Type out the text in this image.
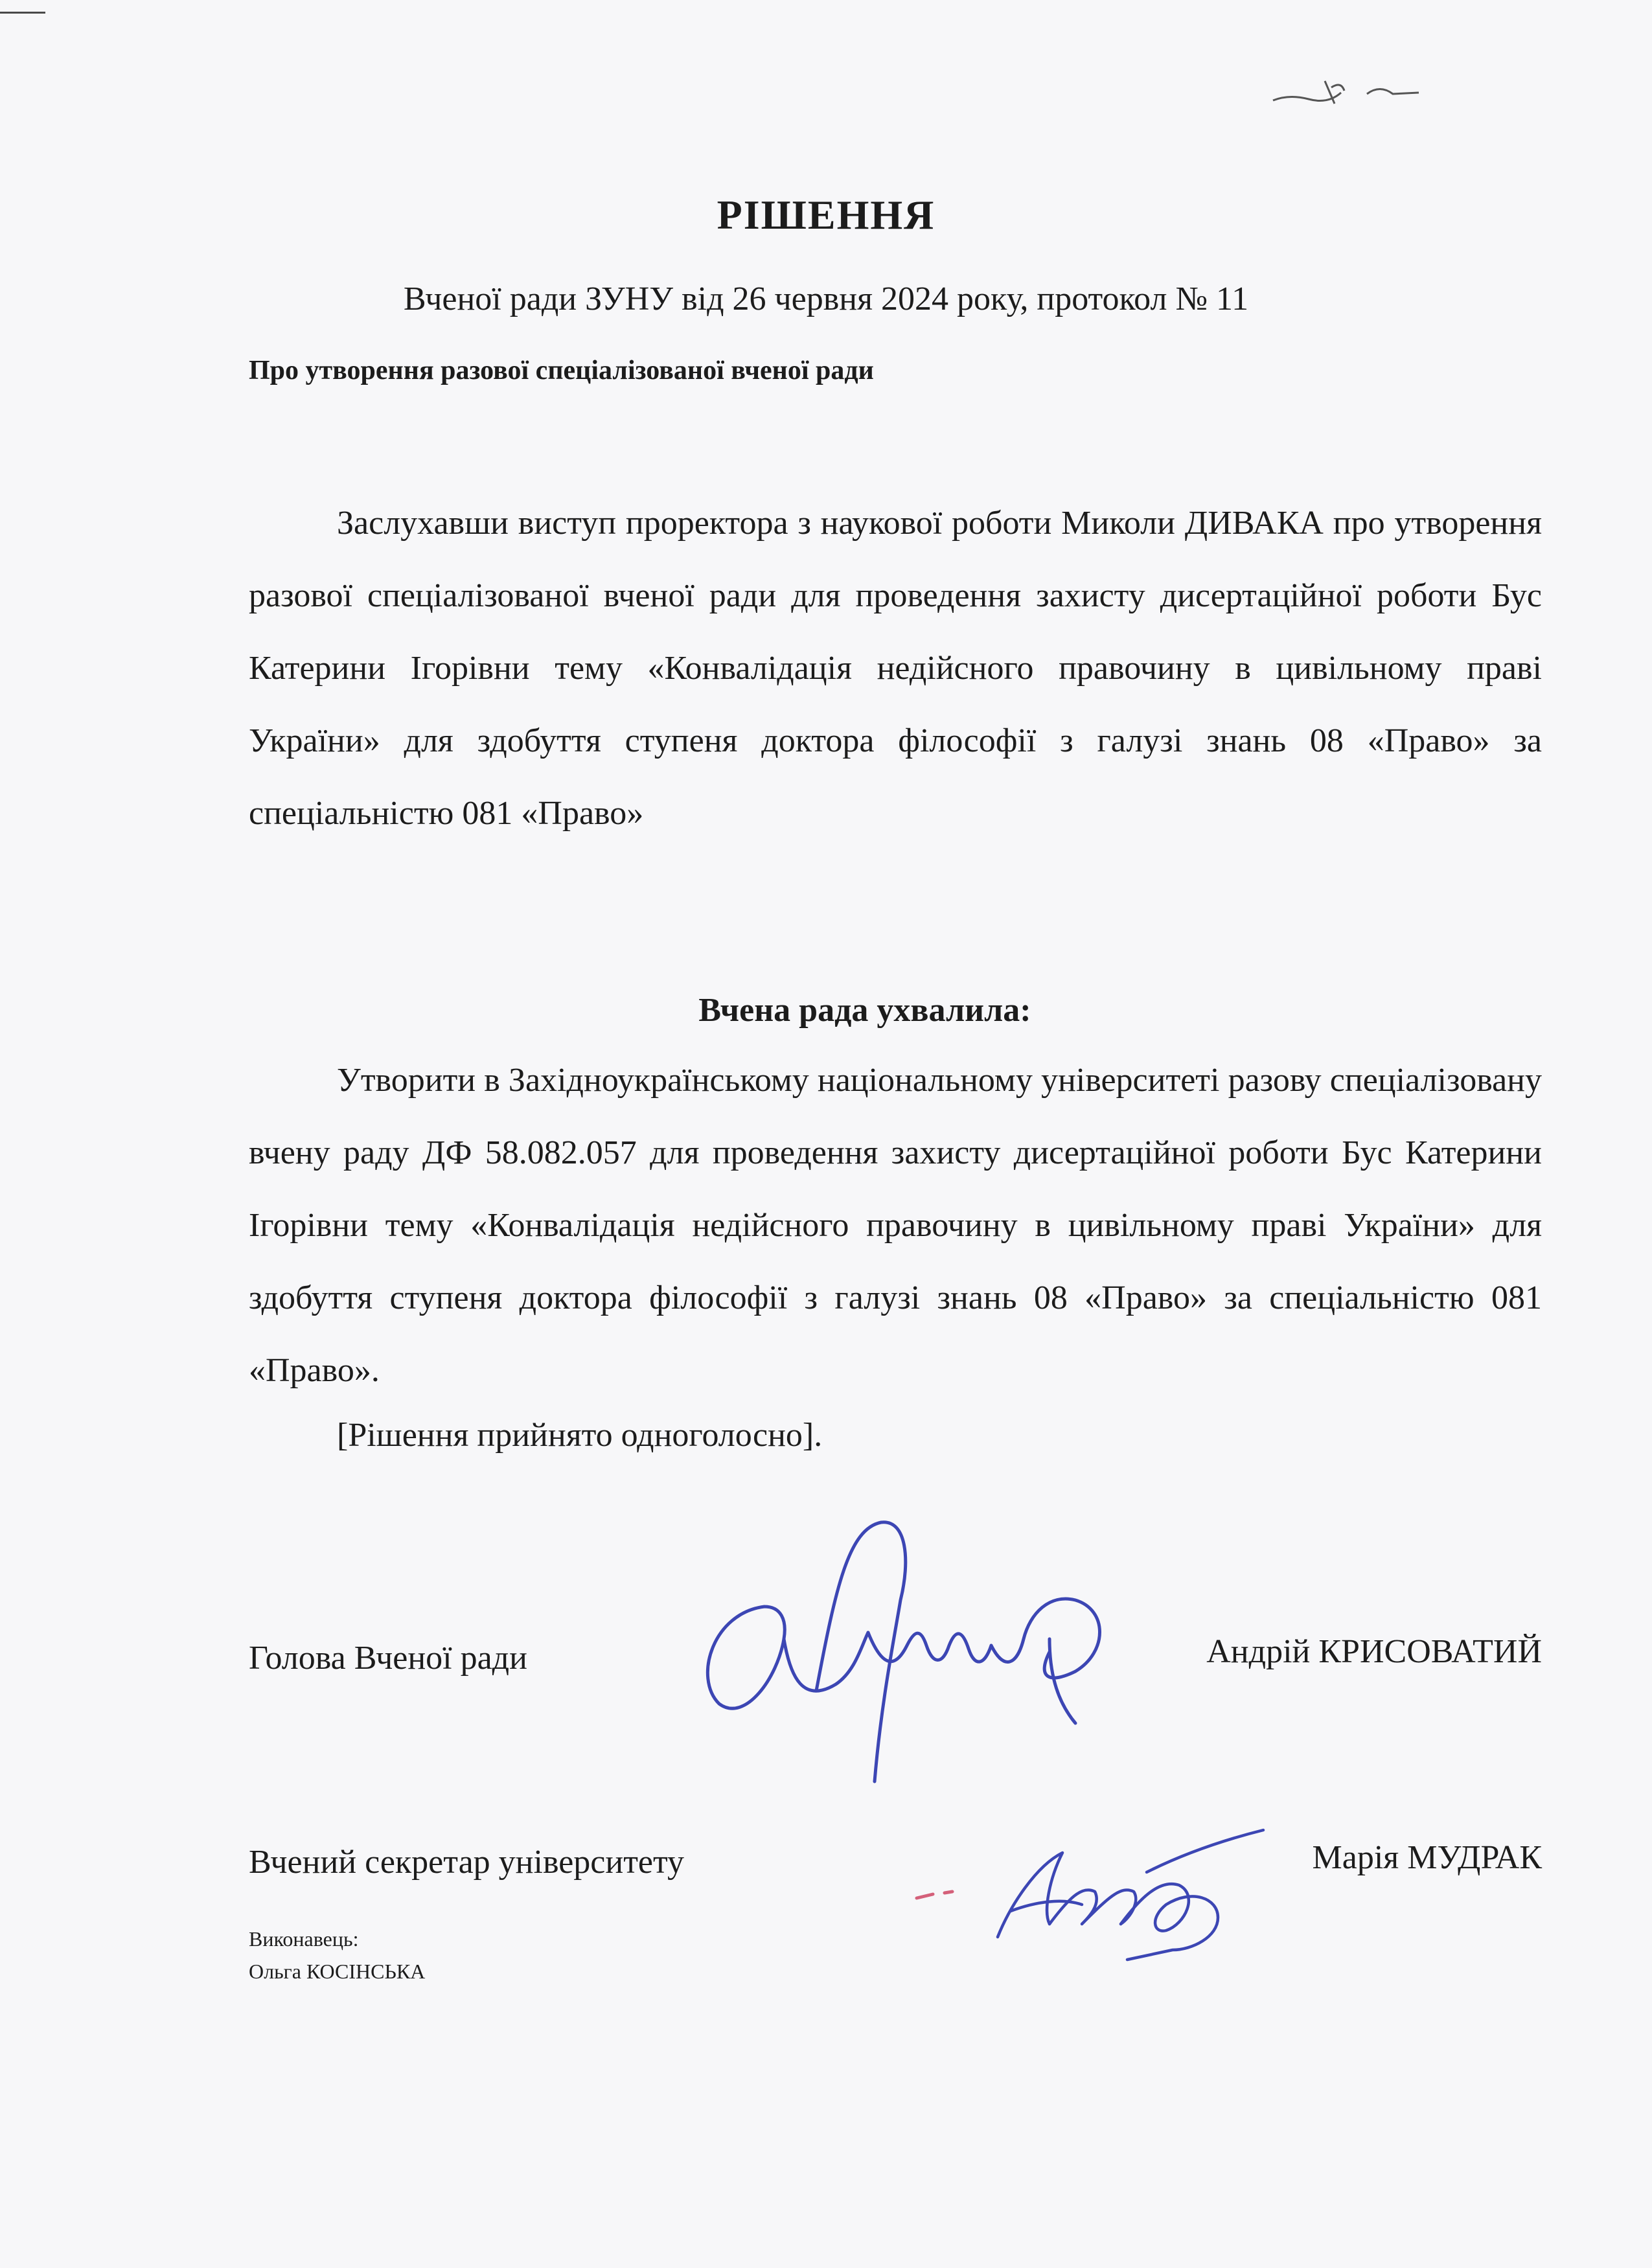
РІШЕННЯ

Вченої ради ЗУНУ від 26 червня 2024 року, протокол № 11

Про утворення разової спеціалізованої вченої ради

Заслухавши виступ проректора з наукової роботи Миколи ДИВАКА про утворення разової спеціалізованої вченої ради для проведення захисту дисертаційної роботи Бус Катерини Ігорівни тему «Конвалідація недійсного правочину в цивільному праві України» для здобуття ступеня доктора філософії з галузі знань 08 «Право» за спеціальністю 081 «Право»

Вчена рада ухвалила:

Утворити в Західноукраїнському національному університеті разову спеціалізовану вчену раду ДФ 58.082.057 для проведення захисту дисертаційної роботи Бус Катерини Ігорівни тему «Конвалідація недійсного правочину в цивільному праві України» для здобуття ступеня доктора філософії з галузі знань 08 «Право» за спеціальністю 081 «Право».

[Рішення прийнято одноголосно].

Голова Вченої ради	Андрій КРИСОВАТИЙ

Вчений секретар університету	Марія МУДРАК

Виконавець:

Ольга КОСІНСЬКА
